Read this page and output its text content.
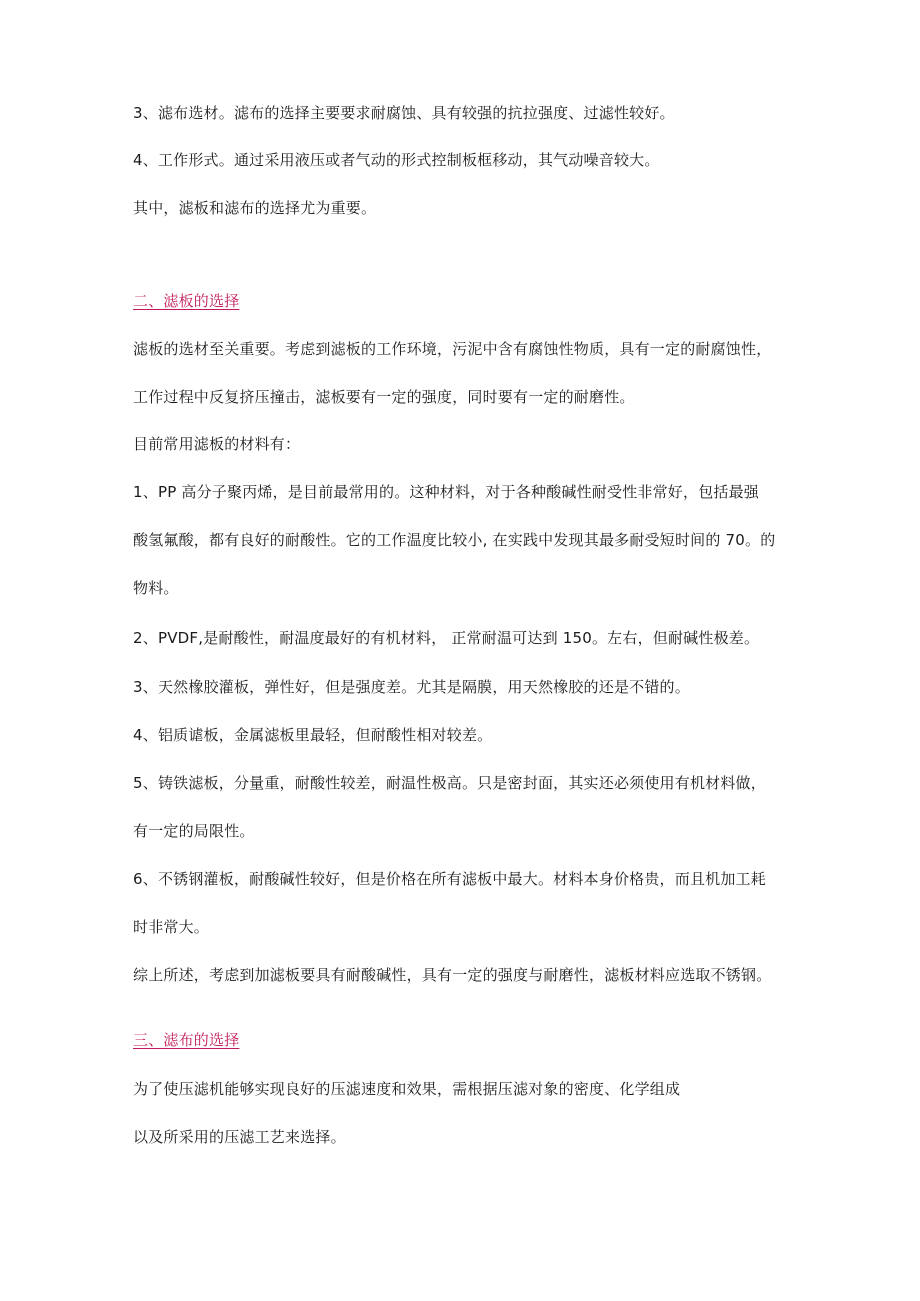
3、滤布选材。滤布的选择主要要求耐腐蚀、具有较强的抗拉强度、过滤性较好。
4、工作形式。通过采用液压或者气动的形式控制板框移动，其气动噪音较大。
其中，滤板和滤布的选择尤为重要。
二、滤板的选择
滤板的选材至关重要。考虑到滤板的工作环境，污泥中含有腐蚀性物质，具有一定的耐腐蚀性，
工作过程中反复挤压撞击，滤板要有一定的强度，同时要有一定的耐磨性。
目前常用滤板的材料有：
1、PP 高分子聚丙烯，是目前最常用的。这种材料，对于各种酸碱性耐受性非常好，包括最强
酸氢氟酸，都有良好的耐酸性。它的工作温度比较小, 在实践中发现其最多耐受短时间的 70。的
物料。
2、PVDF,是耐酸性，耐温度最好的有机材料， 正常耐温可达到 150。左右，但耐碱性极差。
3、天然橡胶灌板，弹性好，但是强度差。尤其是隔膜，用天然橡胶的还是不错的。
4、铝质谑板，金属滤板里最轻，但耐酸性相对较差。
5、铸铁滤板，分量重，耐酸性较差，耐温性极高。只是密封面，其实还必须使用有机材料做，
有一定的局限性。
6、不锈钢灌板，耐酸碱性较好，但是价格在所有滤板中最大。材料本身价格贵，而且机加工耗
时非常大。
综上所述，考虑到加滤板要具有耐酸碱性，具有一定的强度与耐磨性，滤板材料应选取不锈钢。
三、滤布的选择
为了使压滤机能够实现良好的压滤速度和效果，需根据压滤对象的密度、化学组成
以及所采用的压滤工艺来选择。
